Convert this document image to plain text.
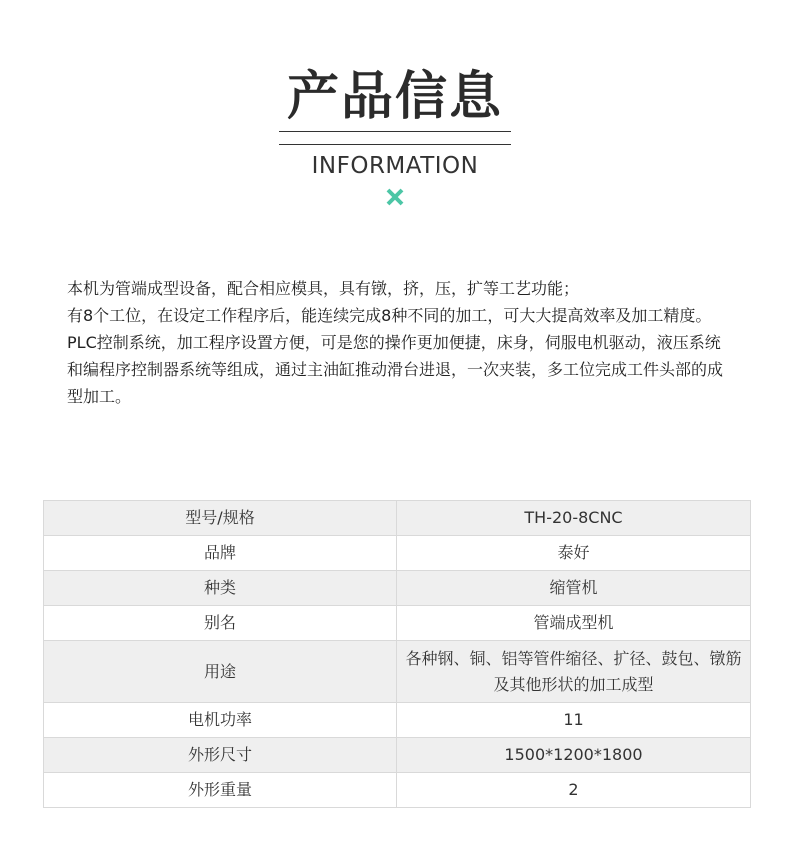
产品信息
INFORMATION

本机为管端成型设备，配合相应模具，具有镦，挤，压，扩等工艺功能；

有8个工位，在设定工作程序后，能连续完成8种不同的加工，可大大提高效率及加工精度。

PLC控制系统，加工程序设置方便，可是您的操作更加便捷，床身，伺服电机驱动，液压系统和编程序控制器系统等组成，通过主油缸推动滑台进退，一次夹装，多工位完成工件头部的成型加工。

型号/规格	TH-20-8CNC
品牌	泰好
种类	缩管机
别名	管端成型机
用途	各种钢、铜、铝等管件缩径、扩径、鼓包、镦筋及其他形状的加工成型
电机功率	11
外形尺寸	1500*1200*1800
外形重量	2
